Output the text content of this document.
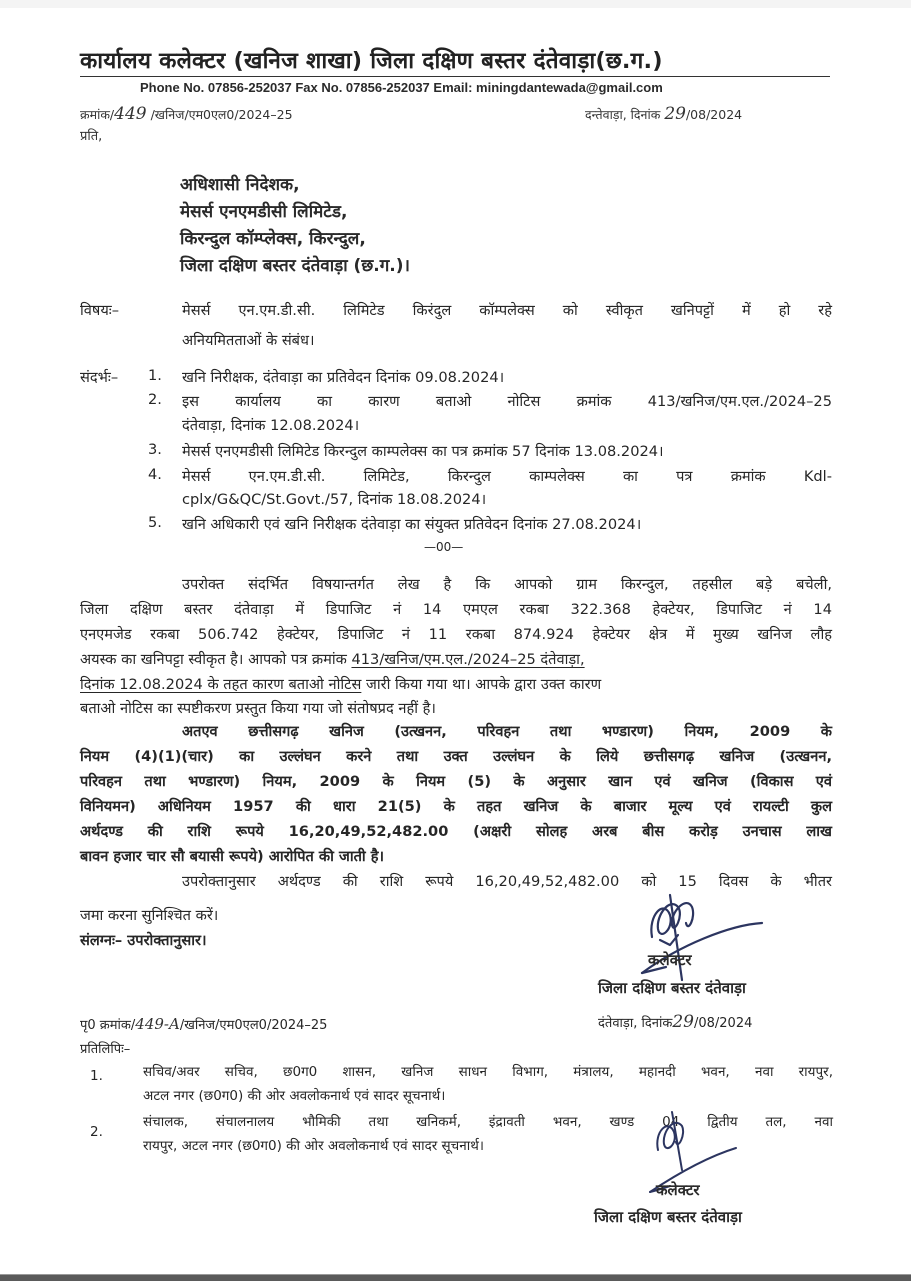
कार्यालय कलेक्टर (खनिज शाखा) जिला दक्षिण बस्तर दंतेवाड़ा(छ.ग.)
Phone No. 07856-252037 Fax No. 07856-252037 Email: miningdantewada@gmail.com
क्रमांक/449 /खनिज/एम0एल0/2024–25	दन्तेवाड़ा, दिनांक 29/08/2024
प्रति,
अधिशासी निदेशक,
मेसर्स एनएमडीसी लिमिटेड,
किरन्दुल कॉम्प्लेक्स, किरन्दुल,
जिला दक्षिण बस्तर दंतेवाड़ा (छ.ग.)।
विषयः–	मेसर्स एन.एम.डी.सी. लिमिटेड किरंदुल कॉम्पलेक्स को स्वीकृत खनिपट्टों में हो रहे
अनियमितताओं के संबंध।
संदर्भः– 1. खनि निरीक्षक, दंतेवाड़ा का प्रतिवेदन दिनांक 09.08.2024।
2. इस कार्यालय का कारण बताओ नोटिस क्रमांक 413/खनिज/एम.एल./2024–25
दंतेवाड़ा, दिनांक 12.08.2024।
3. मेसर्स एनएमडीसी लिमिटेड किरन्दुल काम्पलेक्स का पत्र क्रमांक 57 दिनांक 13.08.2024।
4. मेसर्स एन.एम.डी.सी. लिमिटेड, किरन्दुल काम्पलेक्स का पत्र क्रमांक Kdl-
cplx/G&QC/St.Govt./57, दिनांक 18.08.2024।
5. खनि अधिकारी एवं खनि निरीक्षक दंतेवाड़ा का संयुक्त प्रतिवेदन दिनांक 27.08.2024।
—00—
उपरोक्त संदर्भित विषयान्तर्गत लेख है कि आपको ग्राम किरन्दुल, तहसील बड़े बचेली,
जिला दक्षिण बस्तर दंतेवाड़ा में डिपाजिट नं 14 एमएल रकबा 322.368 हेक्टेयर, डिपाजिट नं 14
एनएमजेड रकबा 506.742 हेक्टेयर, डिपाजिट नं 11 रकबा 874.924 हेक्टेयर क्षेत्र में मुख्य खनिज लौह
अयस्क का खनिपट्टा स्वीकृत है। आपको पत्र क्रमांक 413/खनिज/एम.एल./2024–25 दंतेवाड़ा,
दिनांक 12.08.2024 के तहत कारण बताओ नोटिस जारी किया गया था। आपके द्वारा उक्त कारण
बताओ नोटिस का स्पष्टीकरण प्रस्तुत किया गया जो संतोषप्रद नहीं है।
अतएव छत्तीसगढ़ खनिज (उत्खनन, परिवहन तथा भण्डारण) नियम, 2009 के
नियम (4)(1)(चार) का उल्लंघन करने तथा उक्त उल्लंघन के लिये छत्तीसगढ़ खनिज (उत्खनन,
परिवहन तथा भण्डारण) नियम, 2009 के नियम (5) के अनुसार खान एवं खनिज (विकास एवं
विनियमन) अधिनियम 1957 की धारा 21(5) के तहत खनिज के बाजार मूल्य एवं रायल्टी कुल
अर्थदण्ड की राशि रूपये 16,20,49,52,482.00 (अक्षरी सोलह अरब बीस करोड़ उनचास लाख
बावन हजार चार सौ बयासी रूपये) आरोपित की जाती है।
उपरोक्तानुसार अर्थदण्ड की राशि रूपये 16,20,49,52,482.00 को 15 दिवस के भीतर
जमा करना सुनिश्चित करें।
संलग्नः– उपरोक्तानुसार।
कलेक्टर
जिला दक्षिण बस्तर दंतेवाड़ा
पृ0 क्रमांक/449-A/खनिज/एम0एल0/2024–25	दंतेवाड़ा, दिनांक29/08/2024
प्रतिलिपिः–
1.	सचिव/अवर सचिव, छ0ग0 शासन, खनिज साधन विभाग, मंत्रालय, महानदी भवन, नवा रायपुर,
अटल नगर (छ0ग0) की ओर अवलोकनार्थ एवं सादर सूचनार्थ।
2.
संचालक, संचालनालय भौमिकी तथा खनिकर्म, इंद्रावती भवन, खण्ड 04 द्वितीय तल, नवा
रायपुर, अटल नगर (छ0ग0) की ओर अवलोकनार्थ एवं सादर सूचनार्थ।
कलेक्टर
जिला दक्षिण बस्तर दंतेवाड़ा
